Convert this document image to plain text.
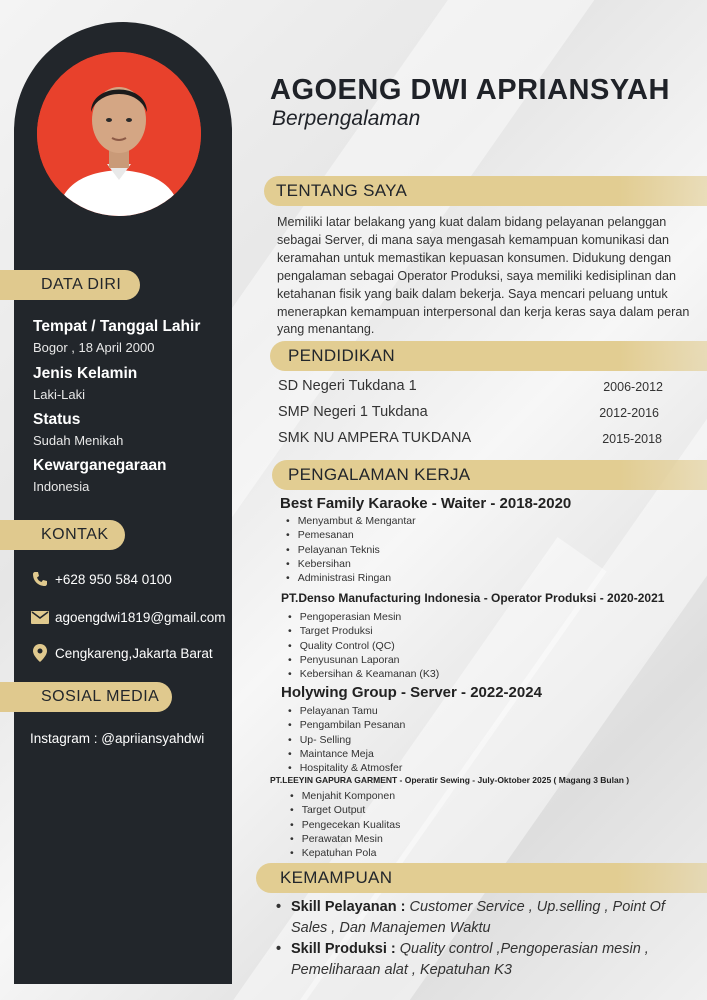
DATA DIRI
Tempat / Tanggal Lahir
Bogor , 18 April 2000
Jenis Kelamin
Laki-Laki
Status
Sudah Menikah
Kewarganegaraan
Indonesia
KONTAK
+628 950 584 0100
agoengdwi1819@gmail.com
Cengkareng,Jakarta Barat
SOSIAL MEDIA
Instagram : @apriiansyahdwi
AGOENG DWI APRIANSYAH
Berpengalaman
TENTANG SAYA
Memiliki latar belakang yang kuat dalam bidang pelayanan pelanggan sebagai Server, di mana saya mengasah kemampuan komunikasi dan keramahan untuk memastikan kepuasan konsumen. Didukung dengan pengalaman sebagai Operator Produksi, saya memiliki kedisiplinan dan ketahanan fisik yang baik dalam bekerja. Saya mencari peluang untuk menerapkan kemampuan interpersonal dan kerja keras saya dalam peran yang menantang.
PENDIDIKAN
SD Negeri Tukdana 1	2006-2012
SMP Negeri 1 Tukdana	2012-2016
SMK NU AMPERA TUKDANA	2015-2018
PENGALAMAN KERJA
Best Family Karaoke - Waiter - 2018-2020
• Menyambut & Mengantar
• Pemesanan
• Pelayanan Teknis
• Kebersihan
• Administrasi Ringan
PT.Denso Manufacturing Indonesia - Operator Produksi - 2020-2021
• Pengoperasian Mesin
• Target Produksi
• Quality Control (QC)
• Penyusunan Laporan
• Kebersihan & Keamanan (K3)
Holywing Group - Server - 2022-2024
• Pelayanan Tamu
• Pengambilan Pesanan
• Up- Selling
• Maintance Meja
• Hospitality & Atmosfer
PT.LEEYIN GAPURA GARMENT - Operatir Sewing - July-Oktober 2025 ( Magang 3 Bulan )
• Menjahit Komponen
• Target Output
• Pengecekan Kualitas
• Perawatan Mesin
• Kepatuhan Pola
KEMAMPUAN
• Skill Pelayanan : Customer Service , Up.selling , Point Of Sales , Dan Manajemen Waktu
• Skill Produksi : Quality control ,Pengoperasian mesin , Pemeliharaan alat , Kepatuhan K3
